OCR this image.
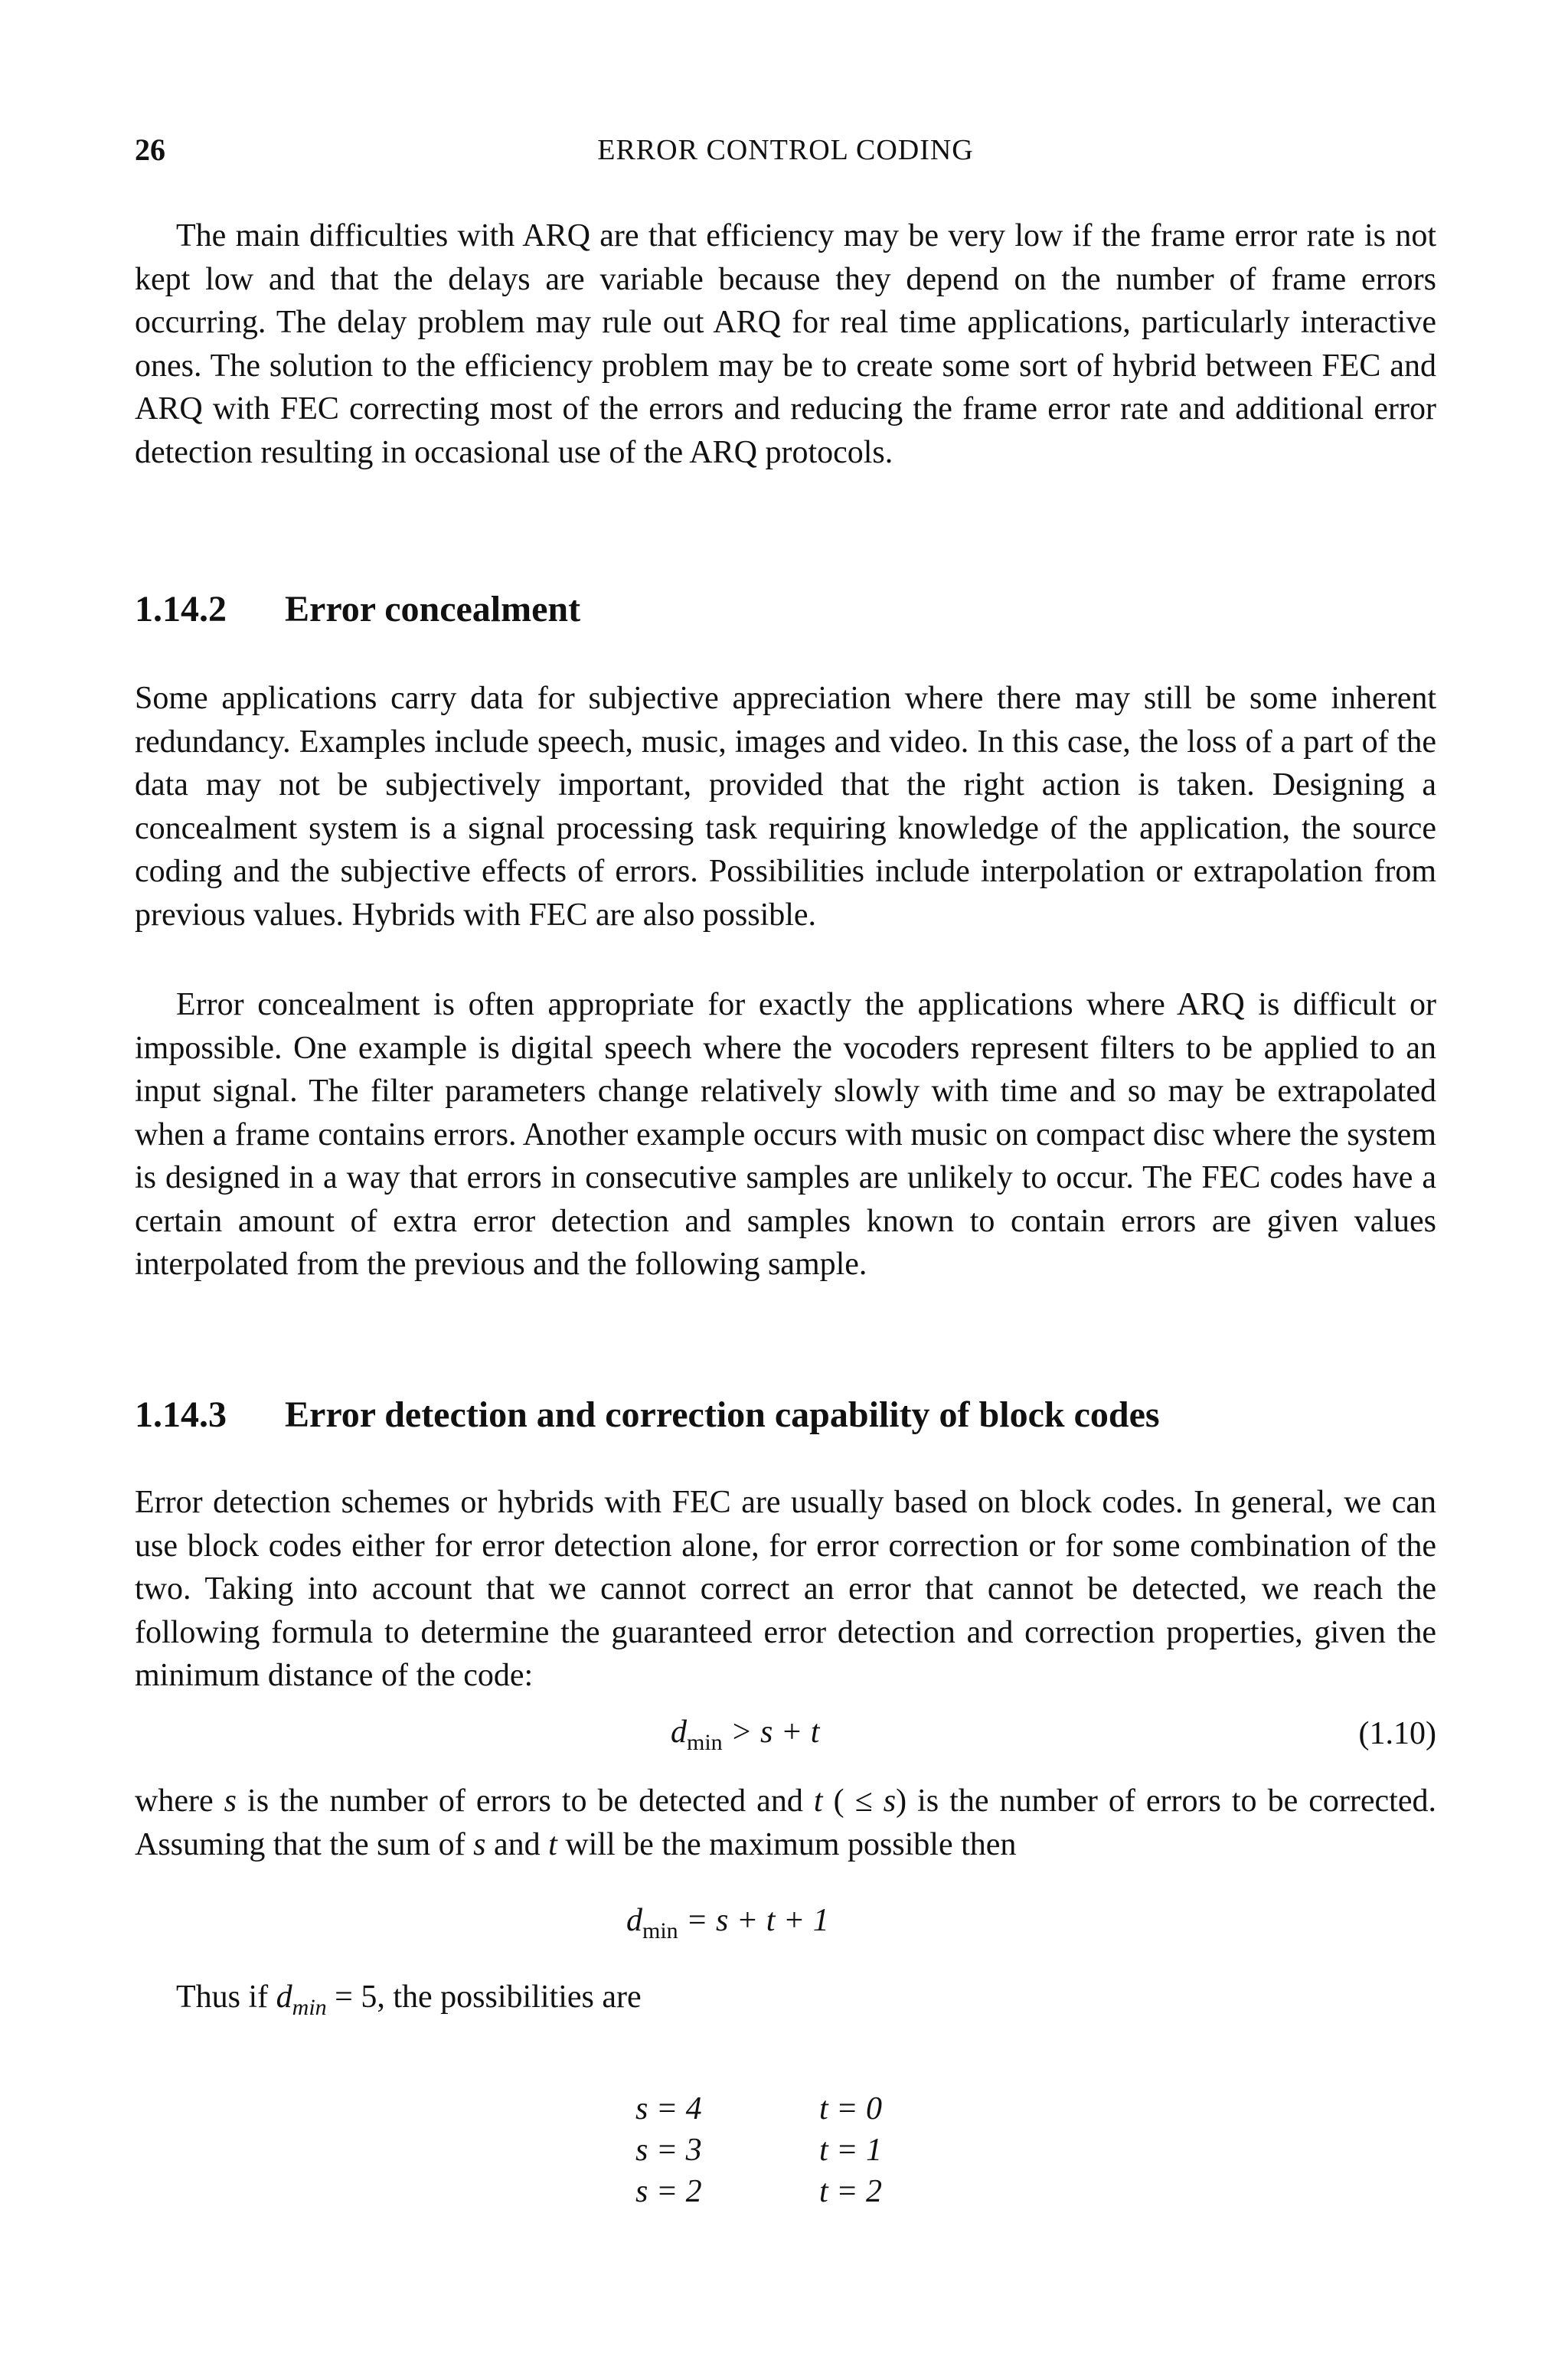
26	ERROR CONTROL CODING

The main difficulties with ARQ are that efficiency may be very low if the frame error rate is not kept low and that the delays are variable because they depend on the number of frame errors occurring. The delay problem may rule out ARQ for real time applications, particularly interactive ones. The solution to the efficiency problem may be to create some sort of hybrid between FEC and ARQ with FEC correcting most of the errors and reducing the frame error rate and additional error detection resulting in occasional use of the ARQ protocols.

1.14.2 Error concealment

Some applications carry data for subjective appreciation where there may still be some inherent redundancy. Examples include speech, music, images and video. In this case, the loss of a part of the data may not be subjectively important, provided that the right action is taken. Designing a concealment system is a signal processing task requiring knowledge of the application, the source coding and the subjective effects of errors. Possibilities include interpolation or extrapolation from previous values. Hybrids with FEC are also possible.

Error concealment is often appropriate for exactly the applications where ARQ is difficult or impossible. One example is digital speech where the vocoders represent filters to be applied to an input signal. The filter parameters change relatively slowly with time and so may be extrapolated when a frame contains errors. Another example occurs with music on compact disc where the system is designed in a way that errors in consecutive samples are unlikely to occur. The FEC codes have a certain amount of extra error detection and samples known to contain errors are given values interpolated from the previous and the following sample.

1.14.3 Error detection and correction capability of block codes

Error detection schemes or hybrids with FEC are usually based on block codes. In general, we can use block codes either for error detection alone, for error correction or for some combination of the two. Taking into account that we cannot correct an error that cannot be detected, we reach the following formula to determine the guaranteed error detection and correction properties, given the minimum distance of the code:

$d_{min} > s + t$	(1.10)

where s is the number of errors to be detected and t ( ≤ s) is the number of errors to be corrected. Assuming that the sum of s and t will be the maximum possible then

$d_{min} = s + t + 1$
Thus if $d_{min} = 5$, the possibilities are
s = 4	t = 0
s = 3	t = 1
s = 2	t = 2
